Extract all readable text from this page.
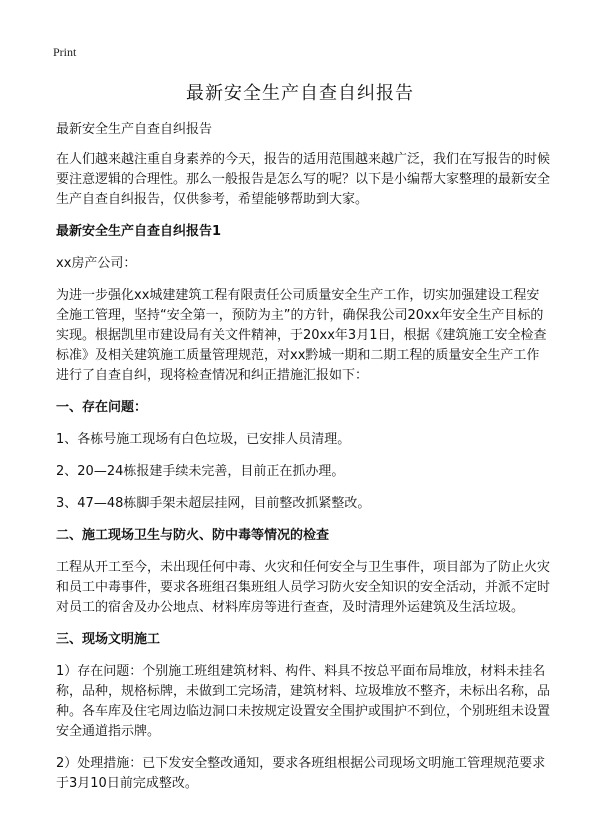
Print
最新安全生产自查自纠报告

最新安全生产自查自纠报告

在人们越来越注重自身素养的今天，报告的适用范围越来越广泛，我们在写报告的时候要注意逻辑的合理性。那么一般报告是怎么写的呢？以下是小编帮大家整理的最新安全生产自查自纠报告，仅供参考，希望能够帮助到大家。

最新安全生产自查自纠报告1

xx房产公司：

为进一步强化xx城建建筑工程有限责任公司质量安全生产工作，切实加强建设工程安全施工管理，坚持“安全第一，预防为主”的方针，确保我公司20xx年安全生产目标的实现。根据凯里市建设局有关文件精神，于20xx年3月1日，根据《建筑施工安全检查标准》及相关建筑施工质量管理规范，对xx黔城一期和二期工程的质量安全生产工作进行了自查自纠，现将检查情况和纠正措施汇报如下：

一、存在问题：

1、各栋号施工现场有白色垃圾，已安排人员清理。

2、20—24栋报建手续未完善，目前正在抓办理。

3、47—48栋脚手架未超层挂网，目前整改抓紧整改。

二、施工现场卫生与防火、防中毒等情况的检查

工程从开工至今，未出现任何中毒、火灾和任何安全与卫生事件，项目部为了防止火灾和员工中毒事件，要求各班组召集班组人员学习防火安全知识的安全活动，并派不定时对员工的宿舍及办公地点、材料库房等进行查查，及时清理外运建筑及生活垃圾。

三、现场文明施工

1）存在问题：个别施工班组建筑材料、构件、料具不按总平面布局堆放，材料未挂名称，品种，规格标牌，未做到工完场清，建筑材料、垃圾堆放不整齐，未标出名称，品种。各车库及住宅周边临边洞口未按规定设置安全围护或围护不到位，个别班组未设置安全通道指示牌。

2）处理措施：已下发安全整改通知，要求各班组根据公司现场文明施工管理规范要求于3月10日前完成整改。
